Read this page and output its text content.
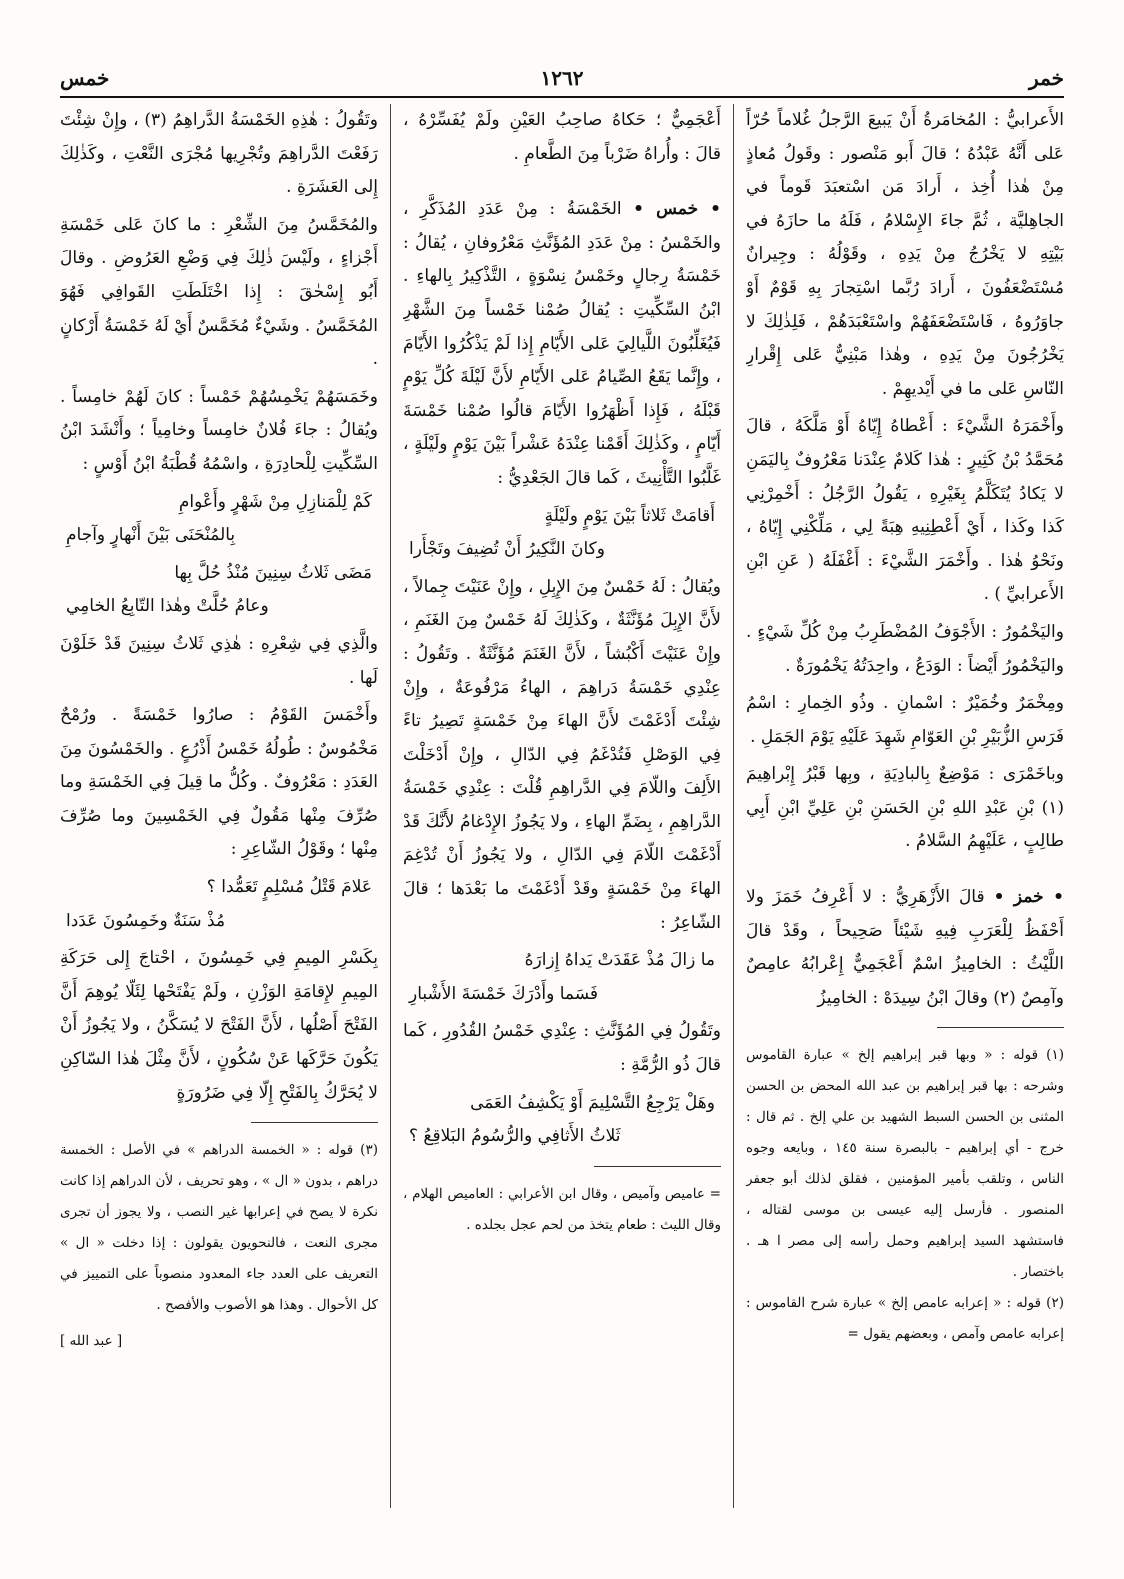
خمر
١٢٦٢
خمس

الأَعرابيُّ : المُخامَرةُ أَنْ يَبيعَ الرَّجلُ غُلاماً حُرّاً عَلى أَنَّهُ عَبْدُهُ ؛ قالَ أَبو مَنْصور : وقَولُ مُعاذٍ مِنْ هٰذا أُخِذ ، أَرادَ مَن اسْتعبَدَ قَوماً في الجاهِليَّة ، ثُمَّ جاءَ الإِسْلامُ ، فَلَهُ ما حازَهُ في بَيْتِهِ لا يَخْرُجُ مِنْ يَدِهِ ، وقَوْلُهُ : وجِيرانٌ مُسْتَضْعَفُونَ ، أَرادَ رُبَّما اسْتِجارَ بِهِ قَوْمٌ أَوْ جاوَرُوهُ ، فَاسْتَضْعَفَهُمْ واسْتَعْبَدَهُمْ ، فَلِذٰلِكَ لا يَخْرُجُونَ مِنْ يَدِهِ ، وهٰذا مَبْنِيٌّ عَلى إِقْرارِ النّاسِ عَلى ما في أَيْديهِمْ .

وأَخْمَرَهُ الشَّيْءَ : أَعْطاهُ إِيّاهُ أَوْ مَلَّكَهُ ، قالَ مُحَمَّدُ بْنُ كَثِيرٍ : هٰذا كَلامٌ عِنْدَنا مَعْرُوفٌ بِاليَمَنِ لا يَكادُ يُتَكَلَّمُ بِغَيْرِهِ ، يَقُولُ الرَّجُلُ : أَخْمِرْنِي كَذا وكَذا ، أَيْ أَعْطِنِيهِ هِبَةً لِي ، مَلِّكْنِي إِيّاهُ ، ونَحْوُ هٰذا . وأَخْمَرَ الشَّيْءَ : أَغْفَلَهُ ( عَنِ ابْنِ الأَعرابيِّ ) .

واليَخْمُورُ : الأَجْوَفُ المُضْطَرِبُ مِنْ كُلِّ شَيْءٍ . واليَخْمُورُ أَيْضاً : الوَدَعُ ، واحِدَتُهُ يَخْمُورَةٌ .

ومِخْمَرٌ وخُمَيْرٌ : اسْمانِ . وذُو الخِمارِ : اسْمُ فَرَسِ الزُّبَيْرِ بْنِ العَوّامِ شَهِدَ عَلَيْهِ يَوْمَ الجَمَلِ .

وباخَمْرَى : مَوْضِعٌ بِالبادِيَةِ ، وبِها قَبْرُ إِبْراهِيمَ (١) بْنِ عَبْدِ اللهِ بْنِ الحَسَنِ بْنِ عَلِيِّ ابْنِ أَبِي طالِبٍ ، عَلَيْهِمُ السَّلامُ .

• خمز • قالَ الأَزْهَرِيُّ : لا أَعْرِفُ خَمَزَ ولا أَحْفَظُ لِلْعَرَبِ فِيهِ شَيْئاً صَحِيحاً ، وقَدْ قالَ اللَّيْثُ : الخامِيزُ اسْمٌ أَعْجَمِيٌّ إِعْرابُهُ عامِصٌ وآمِصٌ (٢) وقالَ ابْنُ سِيدَهْ : الخامِيزُ

(١) قوله : « وبها قبر إبراهيم إلخ » عبارة القاموس وشرحه : بها قبر إبراهيم بن عبد الله المحض بن الحسن المثنى بن الحسن السبط الشهيد بن علي إلخ . ثم قال : خرج - أي إبراهيم - بالبصرة سنة ١٤٥ ، وبايعه وجوه الناس ، وتلقب بأمير المؤمنين ، فقلق لذلك أبو جعفر المنصور . فأرسل إليه عيسى بن موسى لقتاله ، فاستشهد السيد إبراهيم وحمل رأسه إلى مصر ا هـ . باختصار .

(٢) قوله : « إعرابه عامص إلخ » عبارة شرح القاموس : إعرابه عامص وآمص ، وبعضهم يقول =

أَعْجَمِيٌّ ؛ حَكاهُ صاحِبُ العَيْنِ ولَمْ يُفَسِّرْهُ ، قالَ : وأُراهُ ضَرْباً مِنَ الطَّعامِ .

• خمس • الخَمْسَةُ : مِنْ عَدَدِ المُذَكَّرِ ، والخَمْسُ : مِنْ عَدَدِ المُؤَنَّثِ مَعْرُوفانِ ، يُقالُ : خَمْسَةُ رِجالٍ وخَمْسُ نِسْوَةٍ ، التَّذْكِيرُ بِالهاءِ . ابْنُ السِّكِّيتِ : يُقالُ صُمْنا خَمْساً مِنَ الشَّهْرِ فَيُغَلِّبُونَ اللَّيالِيَ عَلى الأَيّامِ إِذا لَمْ يَذْكُرُوا الأَيّامَ ، وإِنَّما يَقَعُ الصِّيامُ عَلى الأَيّامِ لأَنَّ لَيْلَةَ كُلِّ يَوْمٍ قَبْلَهُ ، فَإِذا أَظْهَرُوا الأَيّامَ قالُوا صُمْنا خَمْسَةَ أَيّامٍ ، وكَذٰلِكَ أَقَمْنا عِنْدَهُ عَشْراً بَيْنَ يَوْمٍ ولَيْلَةٍ ، غَلَّبُوا التَّأْنِيثَ ، كَما قالَ الجَعْدِيُّ :

أَقامَتْ ثَلاثاً بَيْنَ يَوْمٍ ولَيْلَةٍ
وكانَ النَّكِيرُ أَنْ تُضِيفَ وتَجْأَرا

ويُقالُ : لَهُ خَمْسٌ مِنَ الإِبِلِ ، وإِنْ عَنَيْتَ جِمالاً ، لأَنَّ الإِبِلَ مُؤَنَّثَةٌ ، وكَذٰلِكَ لَهُ خَمْسٌ مِنَ الغَنَمِ ، وإِنْ عَنَيْتَ أَكْبُشاً ، لأَنَّ الغَنَمَ مُؤَنَّثَةٌ . وتَقُولُ : عِنْدِي خَمْسَةُ دَراهِمَ ، الهاءُ مَرْفُوعَةٌ ، وإِنْ شِئْتَ أَدْغَمْتَ لأَنَّ الهاءَ مِنْ خَمْسَةٍ تَصِيرُ تاءً فِي الوَصْلِ فَتُدْغَمُ فِي الدّالِ ، وإِنْ أَدْخَلْتَ الأَلِفَ واللّامَ فِي الدَّراهِمِ قُلْتَ : عِنْدِي خَمْسَةُ الدَّراهِمِ ، بِضَمِّ الهاءِ ، ولا يَجُوزُ الإِدْغامُ لأَنَّكَ قَدْ أَدْغَمْتَ اللّامَ فِي الدّالِ ، ولا يَجُوزُ أَنْ تُدْغِمَ الهاءَ مِنْ خَمْسَةٍ وقَدْ أَدْغَمْتَ ما بَعْدَها ؛ قالَ الشّاعِرُ :

ما زالَ مُذْ عَقَدَتْ يَداهُ إِزارَهُ
فَسَما وأَدْرَكَ خَمْسَةَ الأَشْبارِ

وتَقُولُ فِي المُؤَنَّثِ : عِنْدِي خَمْسُ القُدُورِ ، كَما قالَ ذُو الرُّمَّةِ :

وهَلْ يَرْجِعُ التَّسْلِيمَ أَوْ يَكْشِفُ العَمَى
ثَلاثُ الأَثافِي والرُّسُومُ البَلاقِعُ ؟

= عاميص وآميص ، وقال ابن الأعرابي : العاميص الهلام ، وقال الليث : طعام يتخذ من لحم عجل بجلده .

وتَقُولُ : هٰذِهِ الخَمْسَةُ الدَّراهِمُ (٣) ، وإِنْ شِئْتَ رَفَعْتَ الدَّراهِمَ وتُجْرِيها مُجْرَى النَّعْتِ ، وكَذٰلِكَ إِلى العَشَرَةِ .

والمُخَمَّسُ مِنَ الشِّعْرِ : ما كانَ عَلى خَمْسَةِ أَجْزاءٍ ، ولَيْسَ ذٰلِكَ فِي وَضْعِ العَرُوضِ . وقالَ أَبُو إِسْحٰقَ : إِذا اخْتَلَطَتِ القَوافِي فَهُوَ المُخَمَّسُ . وشَيْءٌ مُخَمَّسٌ أَيْ لَهُ خَمْسَةُ أَرْكانٍ .

وخَمَسَهُمْ يَخْمِسُهُمْ خَمْساً : كانَ لَهُمْ خامِساً . ويُقالُ : جاءَ فُلانٌ خامِساً وخامِياً ؛ وأَنْشَدَ ابْنُ السِّكِّيتِ لِلْحادِرَةِ ، واسْمُهُ قُطْبَةُ ابْنُ أَوْسٍ :

كَمْ لِلْمَنازِلِ مِنْ شَهْرٍ وأَعْوامِ
بِالمُنْحَنَى بَيْنَ أَنْهارٍ وآجامِ
مَضَى ثَلاثُ سِنِينَ مُنْذُ حُلَّ بِها
وعامُ حُلَّتْ وهٰذا التّابِعُ الخامِي

والَّذِي فِي شِعْرِهِ : هٰذِي ثَلاثُ سِنِينَ قَدْ خَلَوْنَ لَها .

وأَخْمَسَ القَوْمُ : صارُوا خَمْسَةً . ورُمْحٌ مَخْمُوسٌ : طُولُهُ خَمْسُ أَذْرُعٍ . والخَمْسُونَ مِنَ العَدَدِ : مَعْرُوفٌ . وكُلُّ ما قِيلَ فِي الخَمْسَةِ وما صُرِّفَ مِنْها مَقُولٌ فِي الخَمْسِينَ وما صُرِّفَ مِنْها ؛ وقَوْلُ الشّاعِرِ :

عَلامَ قَتْلُ مُسْلِمٍ تَعَمُّدا ؟
مُذْ سَنَةٌ وخَمِسُونَ عَدَدا

بِكَسْرِ المِيمِ فِي خَمِسُونَ ، احْتاجَ إِلى حَرَكَةِ المِيمِ لإِقامَةِ الوَزْنِ ، ولَمْ يَفْتَحْها لِئَلّا يُوهِمَ أَنَّ الفَتْحَ أَصْلُها ، لأَنَّ الفَتْحَ لا يُسَكَّنُ ، ولا يَجُوزُ أَنْ يَكُونَ حَرَّكَها عَنْ سُكُونٍ ، لأَنَّ مِثْلَ هٰذا السّاكِنِ لا يُحَرَّكُ بِالفَتْحِ إِلّا فِي ضَرُورَةٍ

(٣) قوله : « الخمسة الدراهم » في الأصل : الخمسة دراهم ، بدون « ال » ، وهو تحريف ، لأن الدراهم إذا كانت نكرة لا يصح في إعرابها غير النصب ، ولا يجوز أن تجرى مجرى النعت ، فالنحويون يقولون : إذا دخلت « ال » التعريف على العدد جاء المعدود منصوباً على التمييز في كل الأحوال . وهذا هو الأصوب والأفصح .

[ عبد الله ]
